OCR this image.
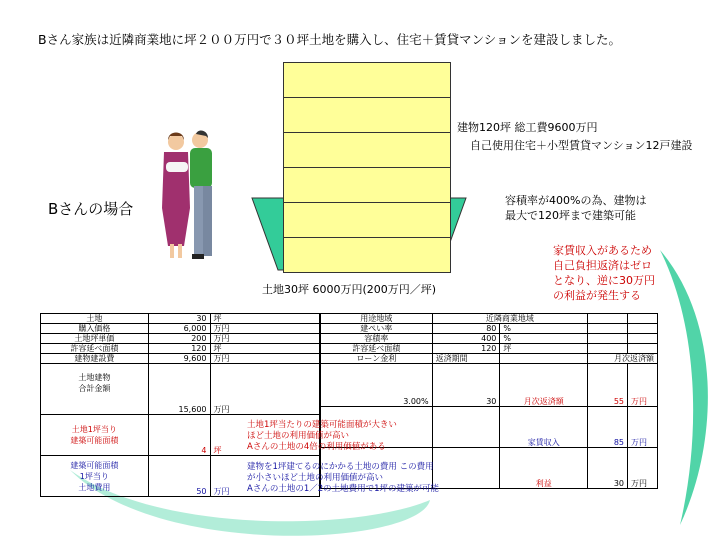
Bさん家族は近隣商業地に坪２００万円で３０坪土地を購入し、住宅＋賃貸マンションを建設しました。
Bさんの場合
建物120坪 総工費9600万円
自己使用住宅＋小型賃貸マンション12戸建設
容積率が400%の為、建物は
最大で120坪まで建築可能
家賃収入があるため
自己負担返済はゼロ
となり、逆に30万円
の利益が発生する
土地30坪 6000万円(200万円／坪)
土地	30	坪
購入価格	6,000	万円
土地坪単価	200	万円
許容延べ面積	120	坪
建物建設費	9,600	万円

土地建物
合計金額	15,600	万円

土地1坪当り
建築可能面積	4	坪

建築可能面積
1坪当り
土地費用	50	万円
用途地域	近隣商業地域			
建ぺい率	80	%		
容積率	400	%		
許容延べ面積	120	坪		
ローン金利	返済期間		月次返済額	
3.00%	30	月次返済額	55	万円
		家賃収入	85	万円
		利益	30	万円
土地1坪当たりの建築可能面積が大きい
ほど土地の利用価値が高い
Aさんの土地の4倍の利用価値がある
建物を1坪建てるのにかかる土地の費用 この費用
が小さいほど土地の利用価値が高い
Aさんの土地の1／2の土地費用で1坪の建築が可能
